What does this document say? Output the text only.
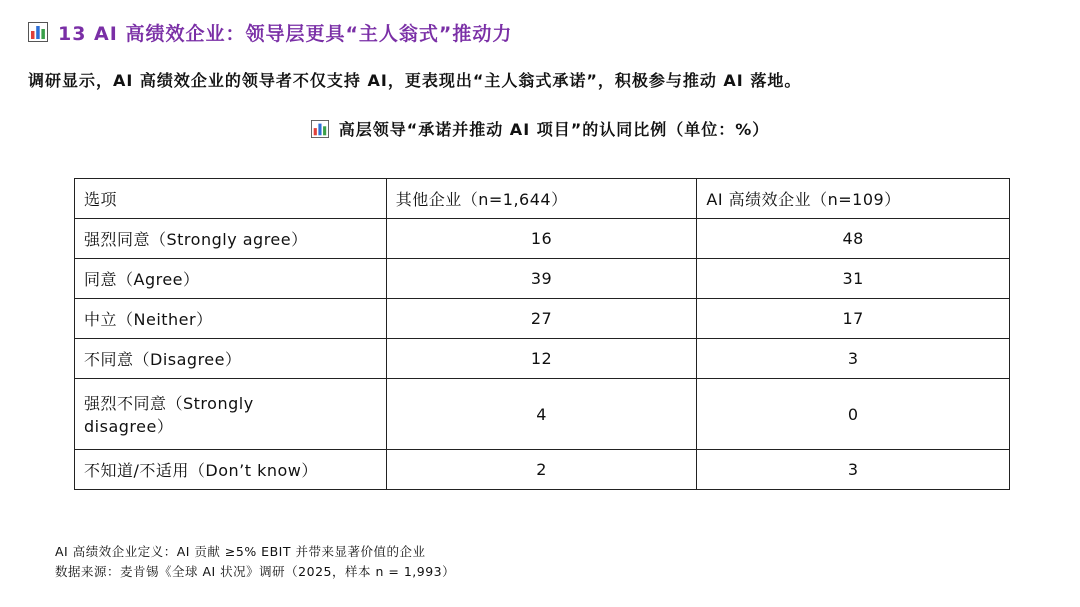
13 AI 高绩效企业：领导层更具“主人翁式”推动力
调研显示，AI 高绩效企业的领导者不仅支持 AI，更表现出“主人翁式承诺”，积极参与推动 AI 落地。
高层领导“承诺并推动 AI 项目”的认同比例（单位：%）
选项	其他企业（n=1,644）	AI 高绩效企业（n=109）
强烈同意（Strongly agree）	16	48
同意（Agree）	39	31
中立（Neither）	27	17
不同意（Disagree）	12	3
强烈不同意（Strongly disagree）	4	0
不知道/不适用（Don’t know）	2	3
AI 高绩效企业定义：AI 贡献 ≥5% EBIT 并带来显著价值的企业
数据来源：麦肯锡《全球 AI 状况》调研（2025，样本 n = 1,993）
